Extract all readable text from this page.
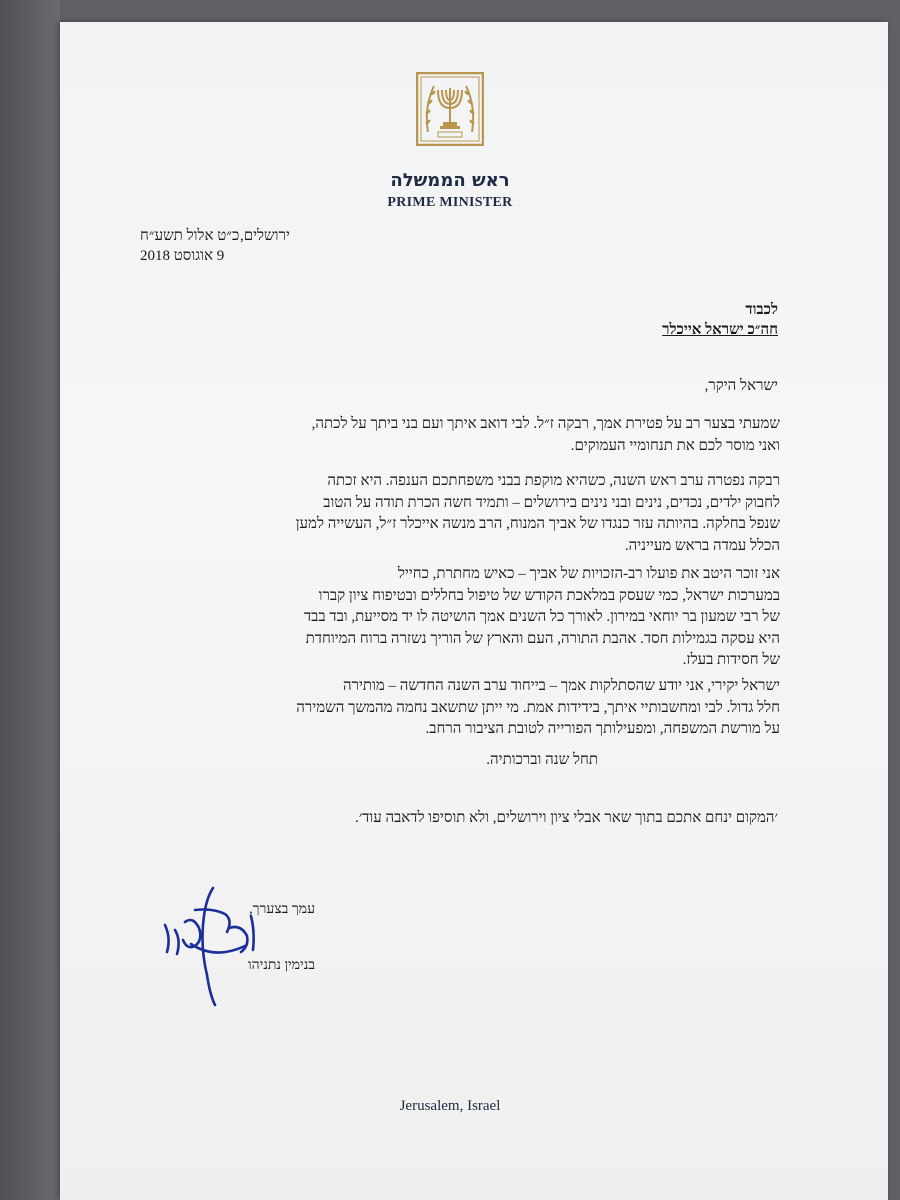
ראש הממשלה
PRIME MINISTER
ירושלים,
כ״ט אלול תשע״ח
9 אוגוסט 2018
לכבוד
חה״כ ישראל אייכלר
ישראל היקר,
שמעתי בצער רב על פטירת אמך, רבקה ז״ל. לבי דואב איתך ועם בני ביתך על לכתה,
ואני מוסר לכם את תנחומיי העמוקים.
רבקה נפטרה ערב ראש השנה, כשהיא מוקפת בבני משפחתכם הענפה. היא זכתה
לחבוק ילדים, נכדים, נינים ובני נינים בירושלים – ותמיד חשה הכרת תודה על הטוב
שנפל בחלקה. בהיותה עזר כנגדו של אביך המנוח, הרב מנשה אייכלר ז״ל, העשייה למען
הכלל עמדה בראש מעייניה.
אני זוכר היטב את פועלו רב-הזכויות של אביך – כאיש מחתרת, כחייל
במערכות ישראל, כמי שעסק במלאכת הקודש של טיפול בחללים ובטיפוח ציון קברו
של רבי שמעון בר יוחאי במירון. לאורך כל השנים אמך הושיטה לו יד מסייעת, ובד בבד
היא עסקה בגמילות חסד. אהבת התורה, העם והארץ של הוריך נשזרה ברוח המיוחדת
של חסידות בעלז.
ישראל יקירי, אני יודע שהסתלקות אמך – בייחוד ערב השנה החדשה – מותירה
חלל גדול. לבי ומחשבותיי איתך, בידידות אמת. מי ייתן שתשאב נחמה מהמשך השמירה
על מורשת המשפחה, ומפעילותך הפורייה לטובת הציבור הרחב.
תחל שנה וברכותיה.
׳המקום ינחם אתכם בתוך שאר אבלי ציון וירושלים, ולא תוסיפו לדאבה עוד׳.
עמך בצערך,
בנימין נתניהו
Jerusalem, Israel
